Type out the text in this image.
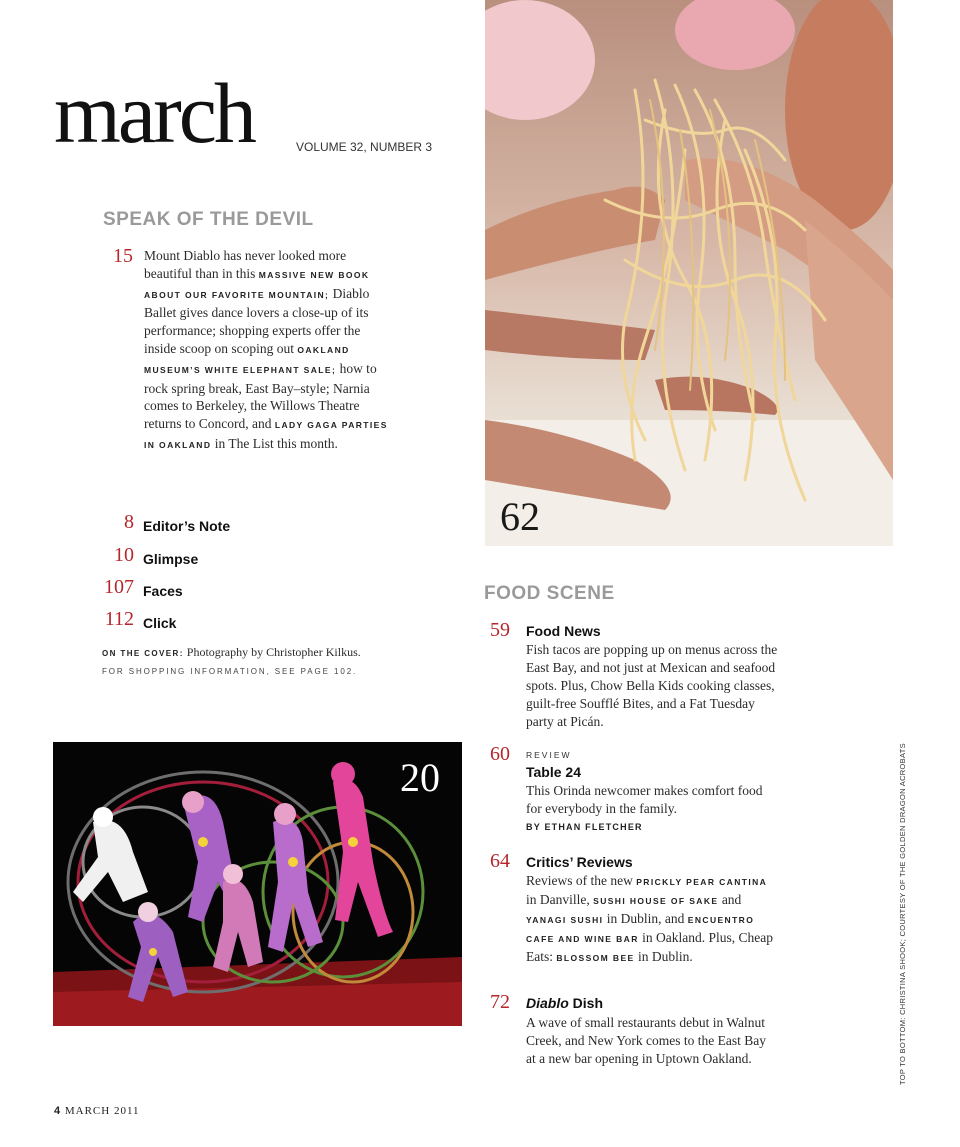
march	VOLUME 32, NUMBER 3
SPEAK OF THE DEVIL
15 Mount Diablo has never looked more beautiful than in this MASSIVE NEW BOOK ABOUT OUR FAVORITE MOUNTAIN; Diablo Ballet gives dance lovers a close-up of its performance; shopping experts offer the inside scoop on scoping out OAKLAND MUSEUM’S WHITE ELEPHANT SALE; how to rock spring break, East Bay–style; Narnia comes to Berkeley, the Willows Theatre returns to Concord, and LADY GAGA PARTIES IN OAKLAND in The List this month.
8 Editor’s Note
10 Glimpse
107 Faces
112 Click
ON THE COVER: Photography by Christopher Kilkus.
FOR SHOPPING INFORMATION, SEE PAGE 102.
62
FOOD SCENE
59 Food News
Fish tacos are popping up on menus across the East Bay, and not just at Mexican and seafood spots. Plus, Chow Bella Kids cooking classes, guilt-free Soufflé Bites, and a Fat Tuesday party at Picán.
60 REVIEW
Table 24
This Orinda newcomer makes comfort food for everybody in the family.
BY ETHAN FLETCHER
64 Critics’ Reviews
Reviews of the new PRICKLY PEAR CANTINA in Danville, SUSHI HOUSE OF SAKE and YANAGI SUSHI in Dublin, and ENCUENTRO CAFE AND WINE BAR in Oakland. Plus, Cheap Eats: BLOSSOM BEE in Dublin.
72 Diablo Dish
A wave of small restaurants debut in Walnut Creek, and New York comes to the East Bay at a new bar opening in Uptown Oakland.
20	TOP TO BOTTOM: CHRISTINA SHOOK; COURTESY OF THE GOLDEN DRAGON ACROBATS
4 MARCH 2011
